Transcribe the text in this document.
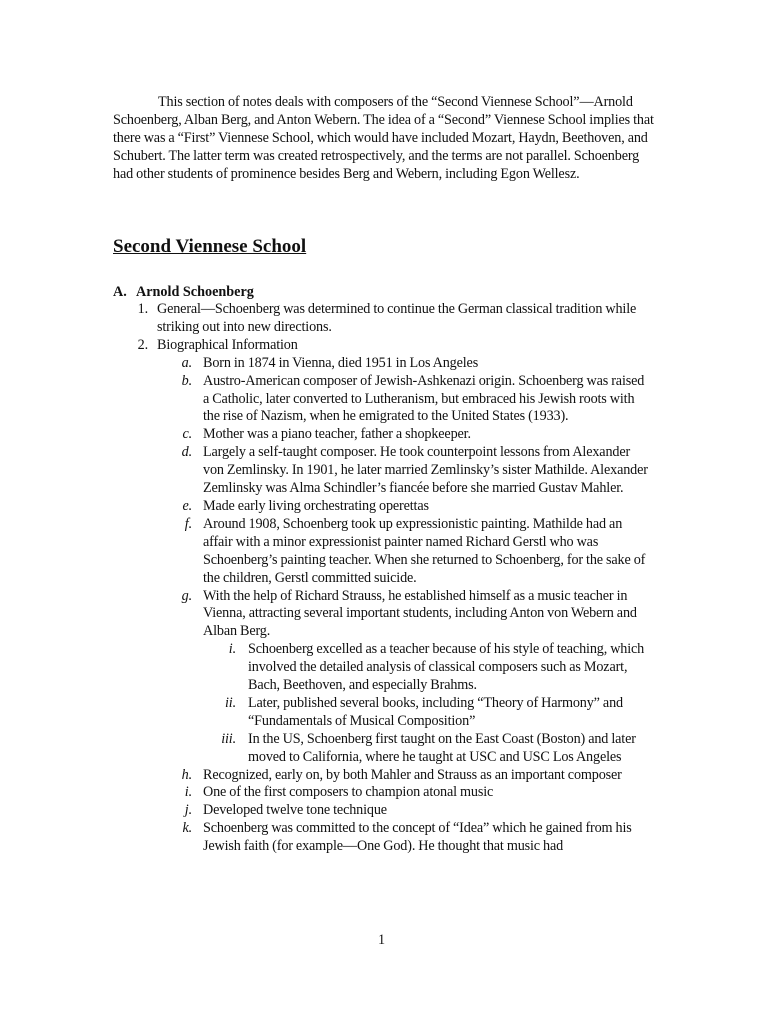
This section of notes deals with composers of the “Second Viennese School”—Arnold Schoenberg, Alban Berg, and Anton Webern. The idea of a “Second” Viennese School implies that there was a “First” Viennese School, which would have included Mozart, Haydn, Beethoven, and Schubert. The latter term was created retrospectively, and the terms are not parallel. Schoenberg had other students of prominence besides Berg and Webern, including Egon Wellesz.

Second Viennese School
A. Arnold Schoenberg
1. General—Schoenberg was determined to continue the German classical tradition while striking out into new directions.
2. Biographical Information
a. Born in 1874 in Vienna, died 1951 in Los Angeles
b. Austro-American composer of Jewish-Ashkenazi origin. Schoenberg was raised a Catholic, later converted to Lutheranism, but embraced his Jewish roots with the rise of Nazism, when he emigrated to the United States (1933).
c. Mother was a piano teacher, father a shopkeeper.
d. Largely a self-taught composer. He took counterpoint lessons from Alexander von Zemlinsky. In 1901, he later married Zemlinsky’s sister Mathilde. Alexander Zemlinsky was Alma Schindler’s fiancée before she married Gustav Mahler.
e. Made early living orchestrating operettas
f. Around 1908, Schoenberg took up expressionistic painting. Mathilde had an affair with a minor expressionist painter named Richard Gerstl who was Schoenberg’s painting teacher. When she returned to Schoenberg, for the sake of the children, Gerstl committed suicide.
g. With the help of Richard Strauss, he established himself as a music teacher in Vienna, attracting several important students, including Anton von Webern and Alban Berg.
i. Schoenberg excelled as a teacher because of his style of teaching, which involved the detailed analysis of classical composers such as Mozart, Bach, Beethoven, and especially Brahms.
ii. Later, published several books, including “Theory of Harmony” and “Fundamentals of Musical Composition”
iii. In the US, Schoenberg first taught on the East Coast (Boston) and later moved to California, where he taught at USC and USC Los Angeles
h. Recognized, early on, by both Mahler and Strauss as an important composer
i. One of the first composers to champion atonal music
j. Developed twelve tone technique
k. Schoenberg was committed to the concept of “Idea” which he gained from his Jewish faith (for example—One God). He thought that music had

1
